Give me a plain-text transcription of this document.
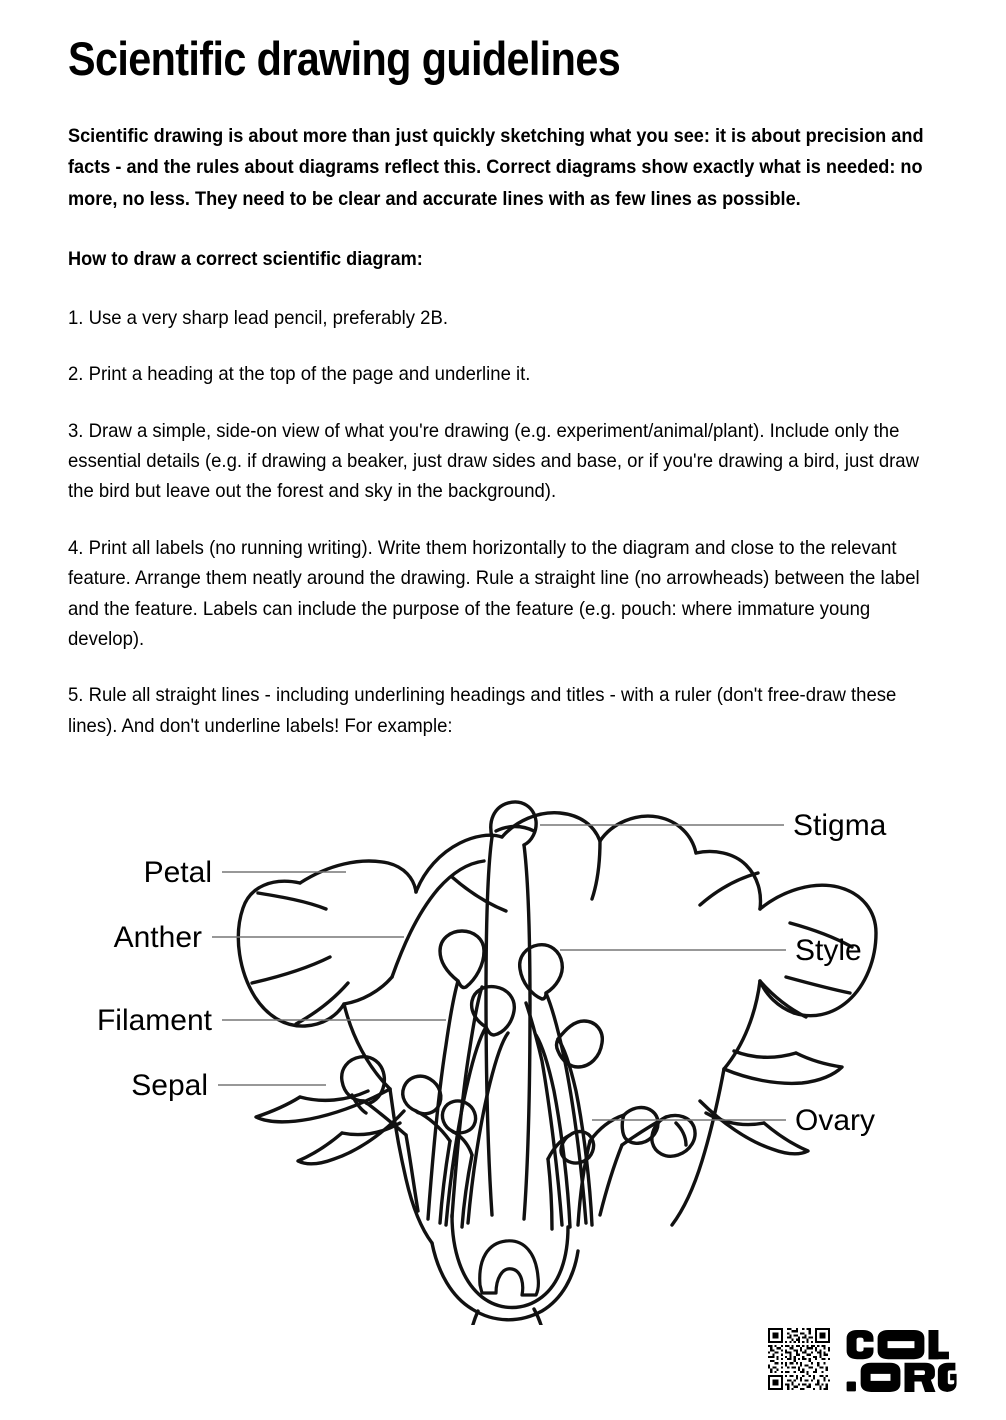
Scientific drawing guidelines

Scientific drawing is about more than just quickly sketching what you see: it is about precision and facts - and the rules about diagrams reflect this. Correct diagrams show exactly what is needed: no more, no less. They need to be clear and accurate lines with as few lines as possible.

How to draw a correct scientific diagram:

1. Use a very sharp lead pencil, preferably 2B.

2. Print a heading at the top of the page and underline it.

3. Draw a simple, side-on view of what you're drawing (e.g. experiment/animal/plant). Include only the essential details (e.g. if drawing a beaker, just draw sides and base, or if you're drawing a bird, just draw the bird but leave out the forest and sky in the background).

4. Print all labels (no running writing). Write them horizontally to the diagram and close to the relevant feature. Arrange them neatly around the drawing. Rule a straight line (no arrowheads) between the label and the feature. Labels can include the purpose of the feature (e.g. pouch: where immature young develop).

5. Rule all straight lines - including underlining headings and titles - with a ruler (don't free-draw these lines). And don't underline labels! For example:

Petal
Anther
Filament
Sepal
Stigma
Style
Ovary
